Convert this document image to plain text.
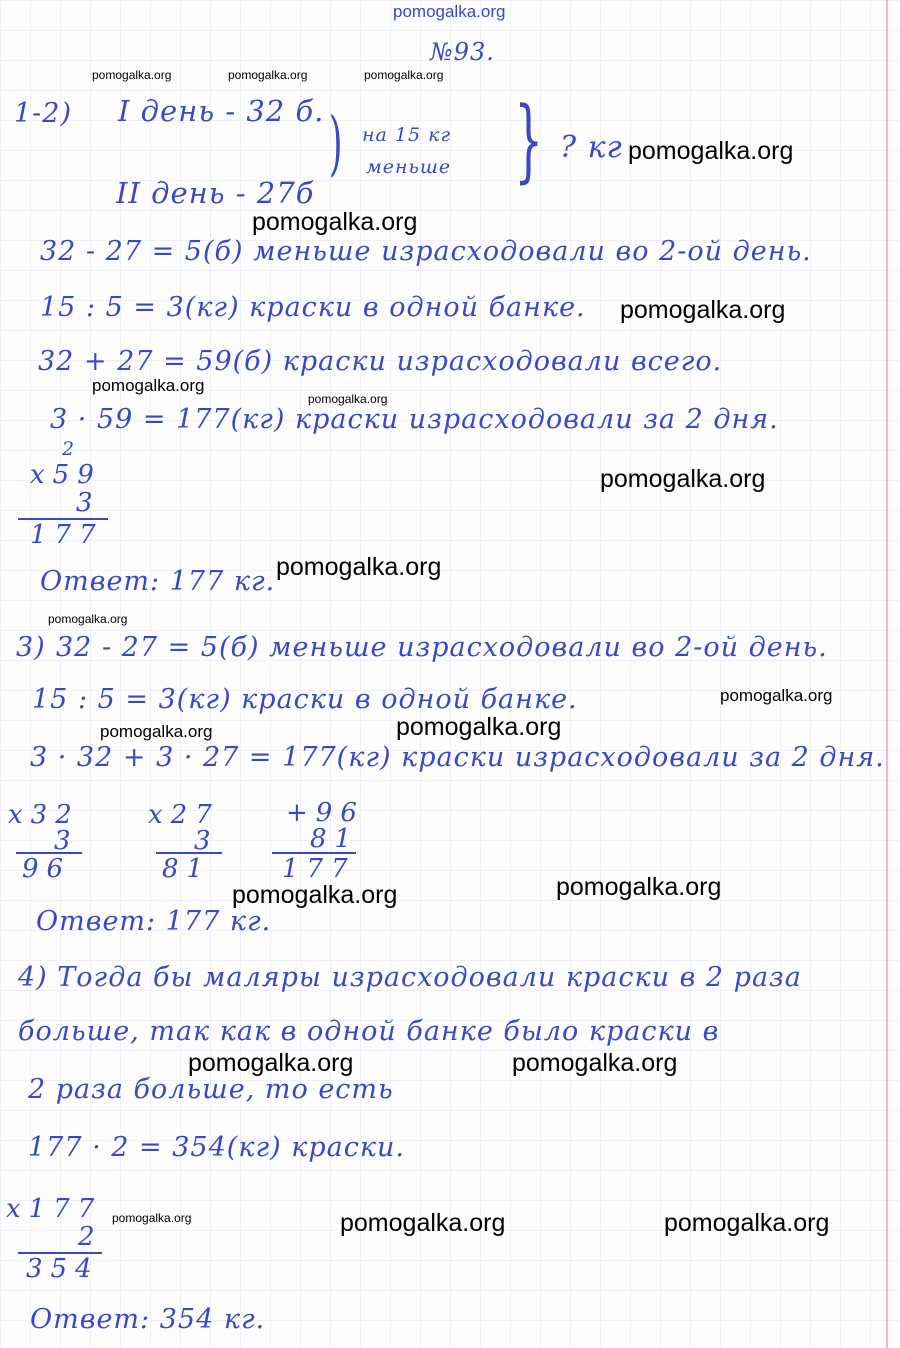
pomogalka.org
pomogalka.org	pomogalka.org	pomogalka.org
pomogalka.org
pomogalka.org
pomogalka.org
pomogalka.org
pomogalka.org
pomogalka.org
pomogalka.org
pomogalka.org
pomogalka.org
pomogalka.org	pomogalka.org
pomogalka.org
pomogalka.org
pomogalka.org	pomogalka.org
pomogalka.org	pomogalka.org	pomogalka.org
№93.
1-2) I день - 32 б.
II день - 27б
на 15 кг
меньше
) } ? кг
32 - 27 = 5(б) меньше израсходовали во 2-ой день.
15 : 5 = 3(кг) краски в одной банке.
32 + 27 = 59(б) краски израсходовали всего.
3 · 59 = 177(кг) краски израсходовали за 2 дня.
2
x59
3
177
Ответ: 177 кг.
3) 32 - 27 = 5(б) меньше израсходовали во 2-ой день.
15 : 5 = 3(кг) краски в одной банке.
3 · 32 + 3 · 27 = 177(кг) краски израсходовали за 2 дня.
x32
3
96
x27
3
81
+96
81
177
Ответ: 177 кг.
4) Тогда бы маляры израсходовали краски в 2 раза
больше, так как в одной банке было краски в
2 раза больше, то есть
177 · 2 = 354(кг) краски.
x177
2
354
Ответ: 354 кг.
